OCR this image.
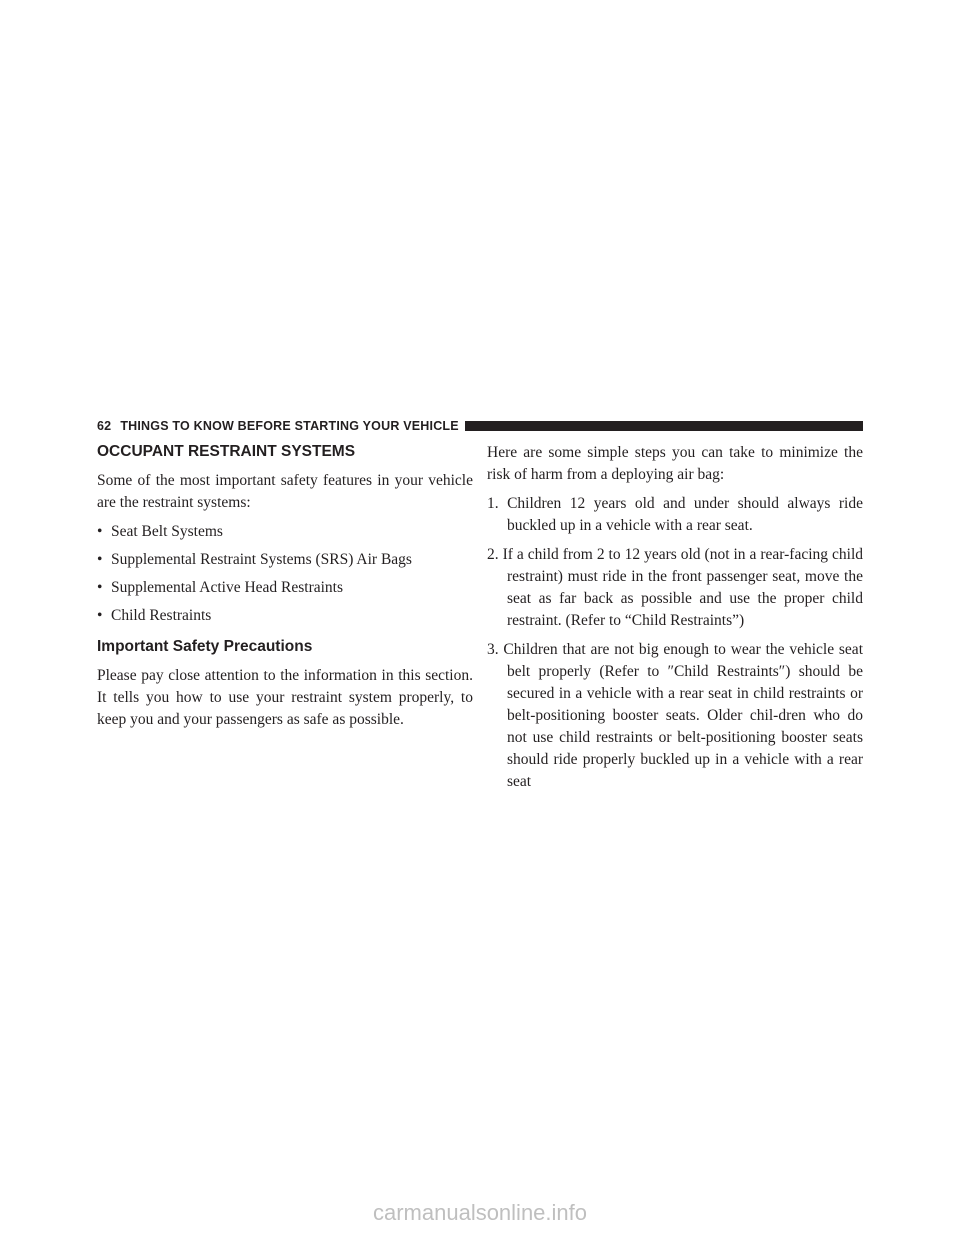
62 THINGS TO KNOW BEFORE STARTING YOUR VEHICLE
OCCUPANT RESTRAINT SYSTEMS

Some of the most important safety features in your vehicle are the restraint systems:

• Seat Belt Systems
• Supplemental Restraint Systems (SRS) Air Bags
• Supplemental Active Head Restraints
• Child Restraints
Important Safety Precautions

Please pay close attention to the information in this section. It tells you how to use your restraint system properly, to keep you and your passengers as safe as possible.

Here are some simple steps you can take to minimize the risk of harm from a deploying air bag:

1. Children 12 years old and under should always ride buckled up in a vehicle with a rear seat.
2. If a child from 2 to 12 years old (not in a rear-facing child restraint) must ride in the front passenger seat, move the seat as far back as possible and use the proper child restraint. (Refer to “Child Restraints”)
3. Children that are not big enough to wear the vehicle seat belt properly (Refer to ″Child Restraints″) should be secured in a vehicle with a rear seat in child restraints or belt-positioning booster seats. Older chil-dren who do not use child restraints or belt-positioning booster seats should ride properly buckled up in a vehicle with a rear seat
carmanualsonline.info
